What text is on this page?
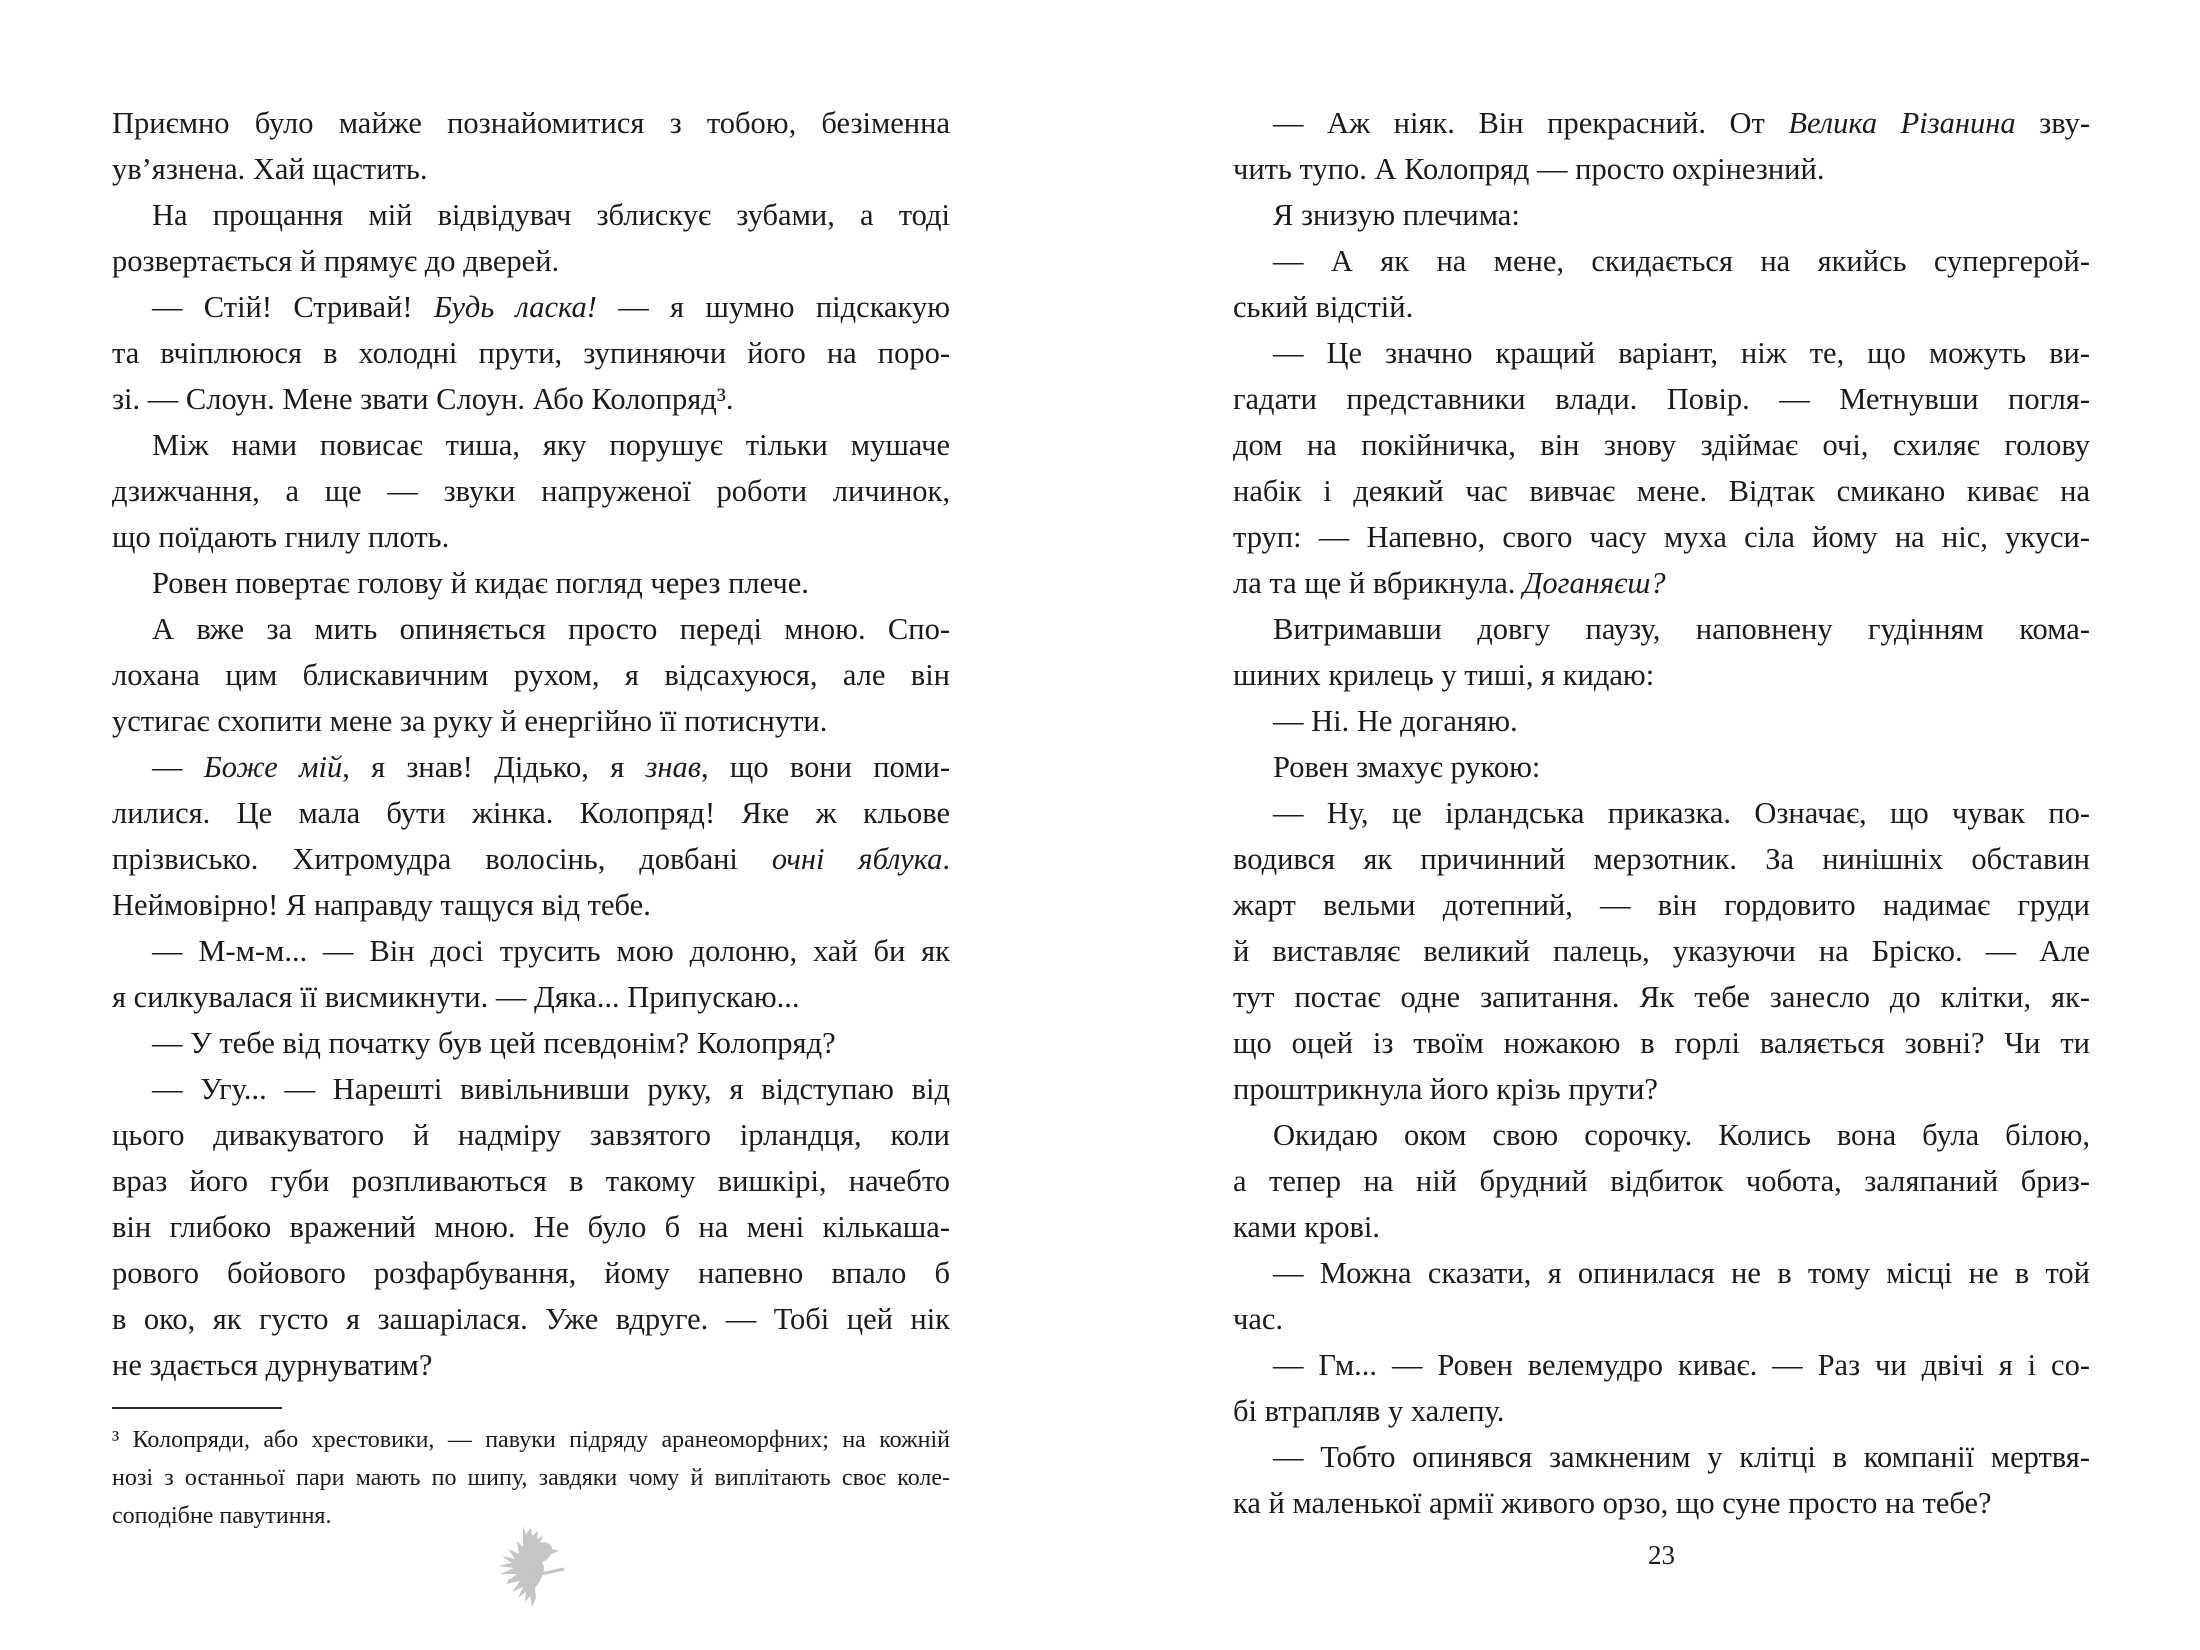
Приємно було майже познайомитися з тобою, безіменна
ув’язнена. Хай щастить.
На прощання мій відвідувач зблискує зубами, а тоді
розвертається й прямує до дверей.
— Стій! Стривай! Будь ласка! — я шумно підскакую
та вчіплююся в холодні прути, зупиняючи його на поро-
зі. — Слоун. Мене звати Слоун. Або Колопряд³.
Між нами повисає тиша, яку порушує тільки мушаче
дзижчання, а ще — звуки напруженої роботи личинок,
що поїдають гнилу плоть.
Ровен повертає голову й кидає погляд через плече.
А вже за мить опиняється просто переді мною. Спо-
лохана цим блискавичним рухом, я відсахуюся, але він
устигає схопити мене за руку й енергійно її потиснути.
— Боже мій, я знав! Дідько, я знав, що вони поми-
лилися. Це мала бути жінка. Колопряд! Яке ж кльове
прізвисько. Хитромудра волосінь, довбані очні яблука.
Неймовірно! Я направду тащуся від тебе.
— М-м-м... — Він досі трусить мою долоню, хай би як
я силкувалася її висмикнути. — Дяка... Припускаю...
— У тебе від початку був цей псевдонім? Колопряд?
— Угу... — Нарешті вивільнивши руку, я відступаю від
цього дивакуватого й надміру завзятого ірландця, коли
враз його губи розпливаються в такому вишкірі, начебто
він глибоко вражений мною. Не було б на мені кількаша-
рового бойового розфарбування, йому напевно впало б
в око, як густо я зашарілася. Уже вдруге. — Тобі цей нік
не здається дурнуватим?
— Аж ніяк. Він прекрасний. От Велика Різанина зву-
чить тупо. А Колопряд — просто охрінезний.
Я знизую плечима:
— А як на мене, скидається на якийсь супергерой-
ський відстій.
— Це значно кращий варіант, ніж те, що можуть ви-
гадати представники влади. Повір. — Метнувши погля-
дом на покійничка, він знову здіймає очі, схиляє голову
набік і деякий час вивчає мене. Відтак смикано киває на
труп: — Напевно, свого часу муха сіла йому на ніс, укуси-
ла та ще й вбрикнула. Доганяєш?
Витримавши довгу паузу, наповнену гудінням кома-
шиних крилець у тиші, я кидаю:
— Ні. Не доганяю.
Ровен змахує рукою:
— Ну, це ірландська приказка. Означає, що чувак по-
водився як причинний мерзотник. За нинішніх обставин
жарт вельми дотепний, — він гордовито надимає груди
й виставляє великий палець, указуючи на Бріско. — Але
тут постає одне запитання. Як тебе занесло до клітки, як-
що оцей із твоїм ножакою в горлі валяється зовні? Чи ти
проштрикнула його крізь прути?
Окидаю оком свою сорочку. Колись вона була білою,
а тепер на ній брудний відбиток чобота, заляпаний бриз-
ками крові.
— Можна сказати, я опинилася не в тому місці не в той
час.
— Гм... — Ровен велемудро киває. — Раз чи двічі я і со-
бі втрапляв у халепу.
— Тобто опинявся замкненим у клітці в компанії мертвя-
ка й маленької армії живого орзо, що суне просто на тебе?
³ Колопряди, або хрестовики, — павуки підряду аранеоморфних; на кожній
нозі з останньої пари мають по шипу, завдяки чому й виплітають своє коле-
соподібне павутиння.
23
